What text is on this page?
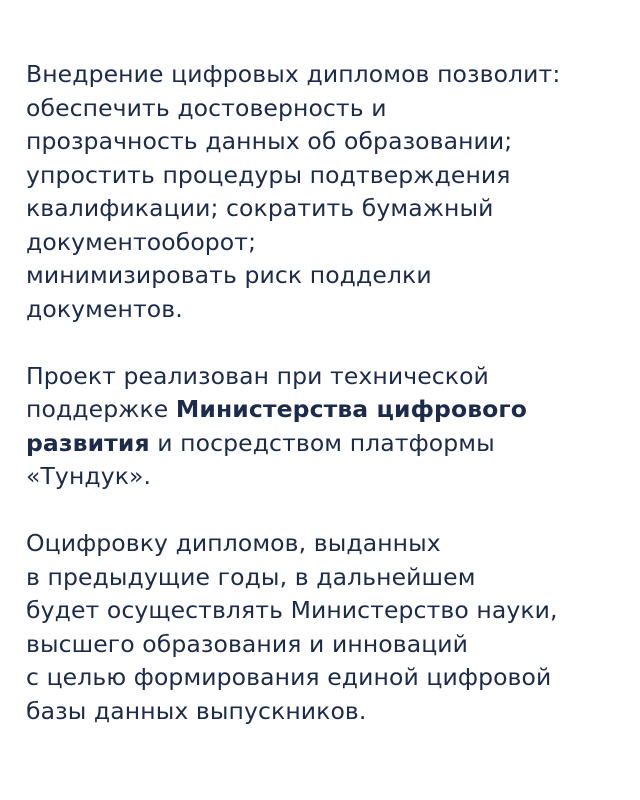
Внедрение цифровых дипломов позволит:
обеспечить достоверность и
прозрачность данных об образовании;
упростить процедуры подтверждения
квалификации; сократить бумажный
документооборот;
минимизировать риск подделки
документов.

Проект реализован при технической
поддержке Министерства цифрового
развития и посредством платформы
«Тундук».

Оцифровку дипломов, выданных
в предыдущие годы, в дальнейшем
будет осуществлять Министерство науки,
высшего образования и инноваций
с целью формирования единой цифровой
базы данных выпускников.
